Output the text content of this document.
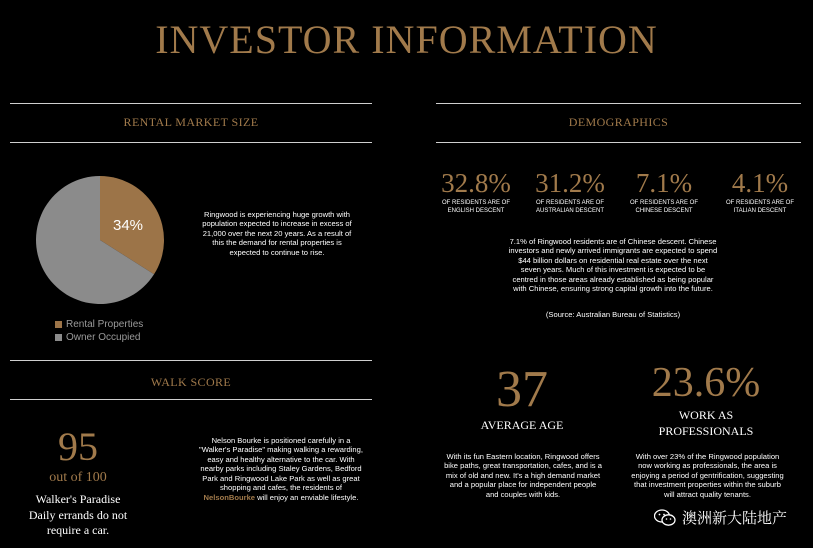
INVESTOR INFORMATION
RENTAL MARKET SIZE
34%
Ringwood is experiencing huge growth with population expected to increase in excess of 21,000 over the next 20 years. As a result of this the demand for rental properties is expected to continue to rise.
Rental Properties
Owner Occupied
WALK SCORE
95
out of 100
Walker's Paradise
Daily errands do not
require a car.
Nelson Bourke is positioned carefully in a "Walker's Paradise" making walking a rewarding, easy and healthy alternative to the car. With nearby parks including Staley Gardens, Bedford Park and Ringwood Lake Park as well as great shopping and cafes, the residents of NelsonBourke will enjoy an enviable lifestyle.
DEMOGRAPHICS
32.8%
OF RESIDENTS ARE OF
ENGLISH DESCENT
31.2%
OF RESIDENTS ARE OF
AUSTRALIAN DESCENT
7.1%
OF RESIDENTS ARE OF
CHINESE DESCENT
4.1%
OF RESIDENTS ARE OF
ITALIAN DESCENT
7.1% of Ringwood residents are of Chinese descent. Chinese investors and newly arrived immigrants are expected to spend $44 billion dollars on residential real estate over the next seven years. Much of this investment is expected to be centred in those areas already established as being popular with Chinese, ensuring strong capital growth into the future.
(Source: Australian Bureau of Statistics)
37
AVERAGE AGE
With its fun Eastern location, Ringwood offers bike paths, great transportation, cafes, and is a mix of old and new. It's a high demand market and a popular place for independent people and couples with kids.
23.6%
WORK AS
PROFESSIONALS
With over 23% of the Ringwood population now working as professionals, the area is enjoying a period of gentrification, suggesting that investment properties within the suburb will attract quality tenants.
澳洲新大陆地产
